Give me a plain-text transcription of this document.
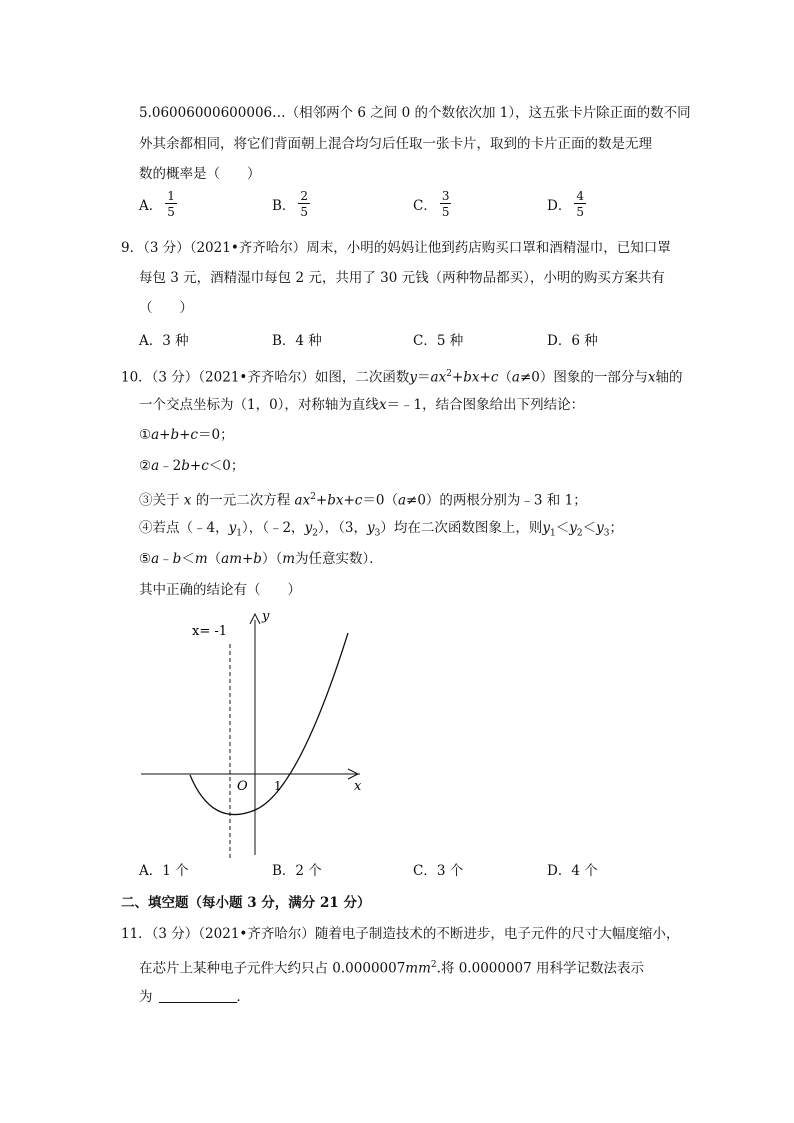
5.06006000600006…（相邻两个 6 之间 0 的个数依次加 1），这五张卡片除正面的数不同
外其余都相同，将它们背面朝上混合均匀后任取一张卡片，取到的卡片正面的数是无理
数的概率是（　　）
A． $\frac{1}{5}$	B． $\frac{2}{5}$	C． $\frac{3}{5}$	D． $\frac{4}{5}$
9．（3 分）（2021•齐齐哈尔）周末，小明的妈妈让他到药店购买口罩和酒精湿巾，已知口罩
每包 3 元，酒精湿巾每包 2 元，共用了 30 元钱（两种物品都买），小明的购买方案共有
（　　）
A．3 种	B．4 种	C．5 种	D．6 种
10．（3 分）（2021•齐齐哈尔）如图，二次函数$y=ax^2+bx+c(a\ne 0)$图象的一部分与x轴的
一个交点坐标为（1，0），对称轴为直线x＝﹣1，结合图象给出下列结论：
①a+b+c＝0；
②a﹣2b+c＜0；
③关于 x 的一元二次方程 $ax^2+bx+c=0(a\ne 0)$的两根分别为﹣3 和 1；
④若点（﹣4，$y_1$），（﹣2，$y_2$），（3，$y_3$）均在二次函数图象上，则$y_1<y_2<y_3$；
⑤a﹣b＜m（am+b）（m为任意实数）．
其中正确的结论有（　　）
x= -1
y
x
O 1
A．1 个	B．2 个	C．3 个	D．4 个
二、填空题（每小题 3 分，满分 21 分）
11．（3 分）（2021•齐齐哈尔）随着电子制造技术的不断进步，电子元件的尺寸大幅度缩小，
在芯片上某种电子元件大约只占 $0.0000007mm^2$.将 0.0000007 用科学记数法表示
为	．
